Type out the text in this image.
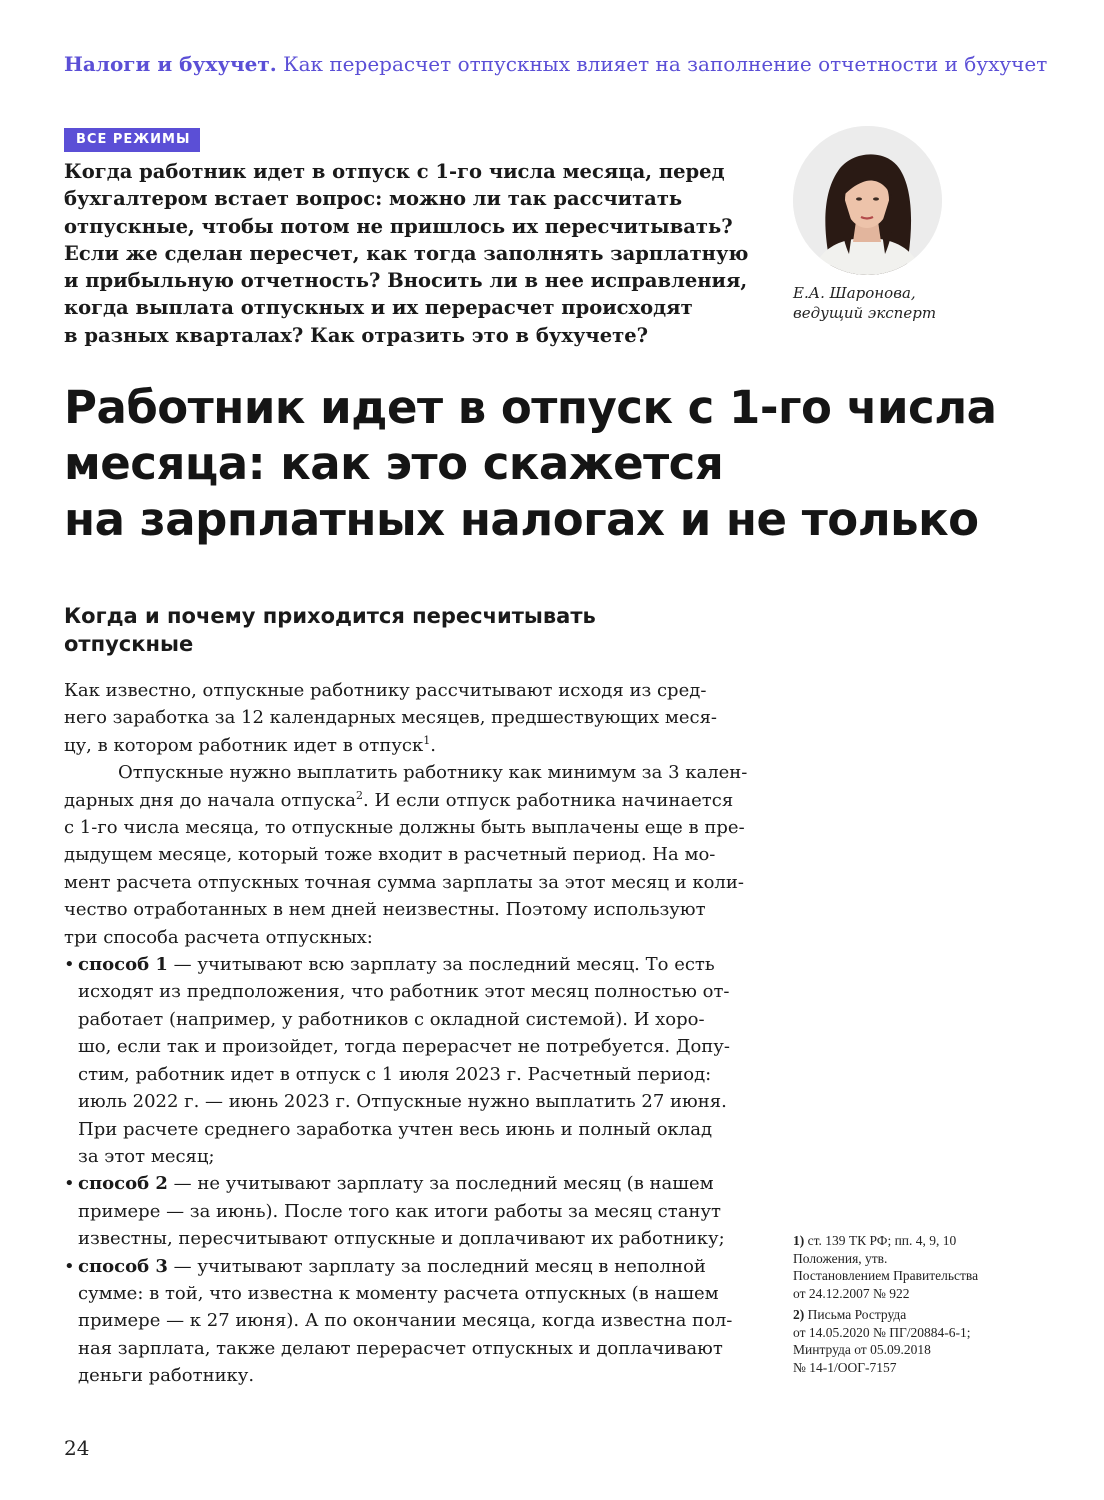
Налоги и бухучет. Как перерасчет отпускных влияет на заполнение отчетности и бухучет
ВСЕ РЕЖИМЫ
Когда работник идет в отпуск с 1-го числа месяца, перед
бухгалтером встает вопрос: можно ли так рассчитать
отпускные, чтобы потом не пришлось их пересчитывать?
Если же сделан пересчет, как тогда заполнять зарплатную
и прибыльную отчетность? Вносить ли в нее исправления,
когда выплата отпускных и их перерасчет происходят
в разных кварталах? Как отразить это в бухучете?
Е.А. Шаронова,
ведущий эксперт
Работник идет в отпуск с 1-го числа
месяца: как это скажется
на зарплатных налогах и не только
Когда и почему приходится пересчитывать
отпускные
Как известно, отпускные работнику рассчитывают исходя из сред-
него заработка за 12 календарных месяцев, предшествующих меся-
цу, в котором работник идет в отпуск$^1$.
Отпускные нужно выплатить работнику как минимум за 3 кален-
дарных дня до начала отпуска$^2$. И если отпуск работника начинается
с 1-го числа месяца, то отпускные должны быть выплачены еще в пре-
дыдущем месяце, который тоже входит в расчетный период. На мо-
мент расчета отпускных точная сумма зарплаты за этот месяц и коли-
чество отработанных в нем дней неизвестны. Поэтому используют
три способа расчета отпускных:
• способ 1 — учитывают всю зарплату за последний месяц. То есть
исходят из предположения, что работник этот месяц полностью от-
работает (например, у работников с окладной системой). И хоро-
шо, если так и произойдет, тогда перерасчет не потребуется. Допу-
стим, работник идет в отпуск с 1 июля 2023 г. Расчетный период:
июль 2022 г. — июнь 2023 г. Отпускные нужно выплатить 27 июня.
При расчете среднего заработка учтен весь июнь и полный оклад
за этот месяц;
• способ 2 — не учитывают зарплату за последний месяц (в нашем
примере — за июнь). После того как итоги работы за месяц станут
известны, пересчитывают отпускные и доплачивают их работнику;
• способ 3 — учитывают зарплату за последний месяц в неполной
сумме: в той, что известна к моменту расчета отпускных (в нашем
примере — к 27 июня). А по окончании месяца, когда известна пол-
ная зарплата, также делают перерасчет отпускных и доплачивают
деньги работнику.
1) ст. 139 ТК РФ; пп. 4, 9, 10
Положения, утв.
Постановлением Правительства
от 24.12.2007 № 922
2) Письма Роструда
от 14.05.2020 № ПГ/20884-6-1;
Минтруда от 05.09.2018
№ 14-1/ООГ-7157
24
